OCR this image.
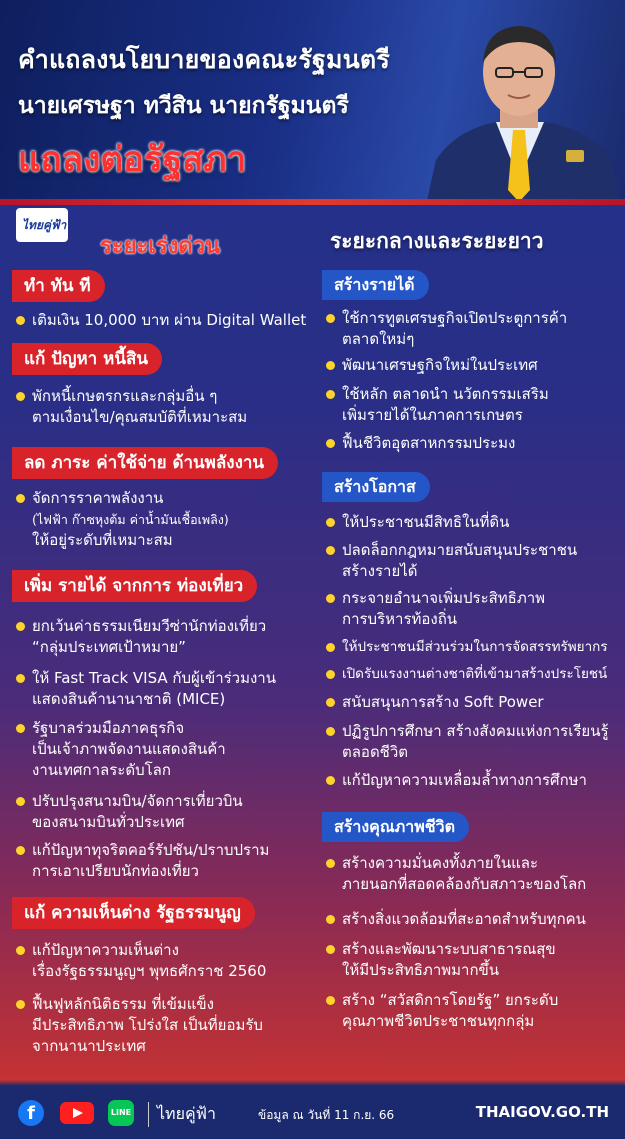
คำแถลงนโยบายของคณะรัฐมนตรี
นายเศรษฐา ทวีสิน นายกรัฐมนตรี
แถลงต่อรัฐสภา
ไทยคู่ฟ้า
ระยะเร่งด่วน	ระยะกลางและระยะยาว
ทำ ทัน ที
เติมเงิน 10,000 บาท ผ่าน Digital Wallet
แก้ ปัญหา หนี้สิน
พักหนี้เกษตรกรและกลุ่มอื่น ๆ
ตามเงื่อนไข/คุณสมบัติที่เหมาะสม
ลด ภาระ ค่าใช้จ่าย ด้านพลังงาน
จัดการราคาพลังงาน
(ไฟฟ้า ก๊าซหุงต้ม ค่าน้ำมันเชื้อเพลิง)
ให้อยู่ระดับที่เหมาะสม
เพิ่ม รายได้ จากการ ท่องเที่ยว
ยกเว้นค่าธรรมเนียมวีซ่านักท่องเที่ยว
“กลุ่มประเทศเป้าหมาย”
ให้ Fast Track VISA กับผู้เข้าร่วมงาน
แสดงสินค้านานาชาติ (MICE)
รัฐบาลร่วมมือภาคธุรกิจ
เป็นเจ้าภาพจัดงานแสดงสินค้า
งานเทศกาลระดับโลก
ปรับปรุงสนามบิน/จัดการเที่ยวบิน
ของสนามบินทั่วประเทศ
แก้ปัญหาทุจริตคอร์รัปชัน/ปราบปราม
การเอาเปรียบนักท่องเที่ยว
แก้ ความเห็นต่าง รัฐธรรมนูญ
แก้ปัญหาความเห็นต่าง
เรื่องรัฐธรรมนูญฯ พุทธศักราช 2560
ฟื้นฟูหลักนิติธรรม ที่เข้มแข็ง
มีประสิทธิภาพ โปร่งใส เป็นที่ยอมรับ
จากนานาประเทศ
สร้างรายได้
ใช้การทูตเศรษฐกิจเปิดประตูการค้า
ตลาดใหม่ๆ
พัฒนาเศรษฐกิจใหม่ในประเทศ
ใช้หลัก ตลาดนำ นวัตกรรมเสริม
เพิ่มรายได้ในภาคการเกษตร
ฟื้นชีวิตอุตสาหกรรมประมง
สร้างโอกาส
ให้ประชาชนมีสิทธิในที่ดิน
ปลดล็อกกฎหมายสนับสนุนประชาชน
สร้างรายได้
กระจายอำนาจเพิ่มประสิทธิภาพ
การบริหารท้องถิ่น
ให้ประชาชนมีส่วนร่วมในการจัดสรรทรัพยากร
เปิดรับแรงงานต่างชาติที่เข้ามาสร้างประโยชน์
สนับสนุนการสร้าง Soft Power
ปฏิรูปการศึกษา สร้างสังคมแห่งการเรียนรู้
ตลอดชีวิต
แก้ปัญหาความเหลื่อมล้ำทางการศึกษา
สร้างคุณภาพชีวิต
สร้างความมั่นคงทั้งภายในและ
ภายนอกที่สอดคล้องกับสภาวะของโลก
สร้างสิ่งแวดล้อมที่สะอาดสำหรับทุกคน
สร้างและพัฒนาระบบสาธารณสุข
ให้มีประสิทธิภาพมากขึ้น
สร้าง “สวัสดิการโดยรัฐ” ยกระดับ
คุณภาพชีวิตประชาชนทุกกลุ่ม
f	LINE	ไทยคู่ฟ้า	ข้อมูล ณ วันที่ 11 ก.ย. 66	THAIGOV.GO.TH
